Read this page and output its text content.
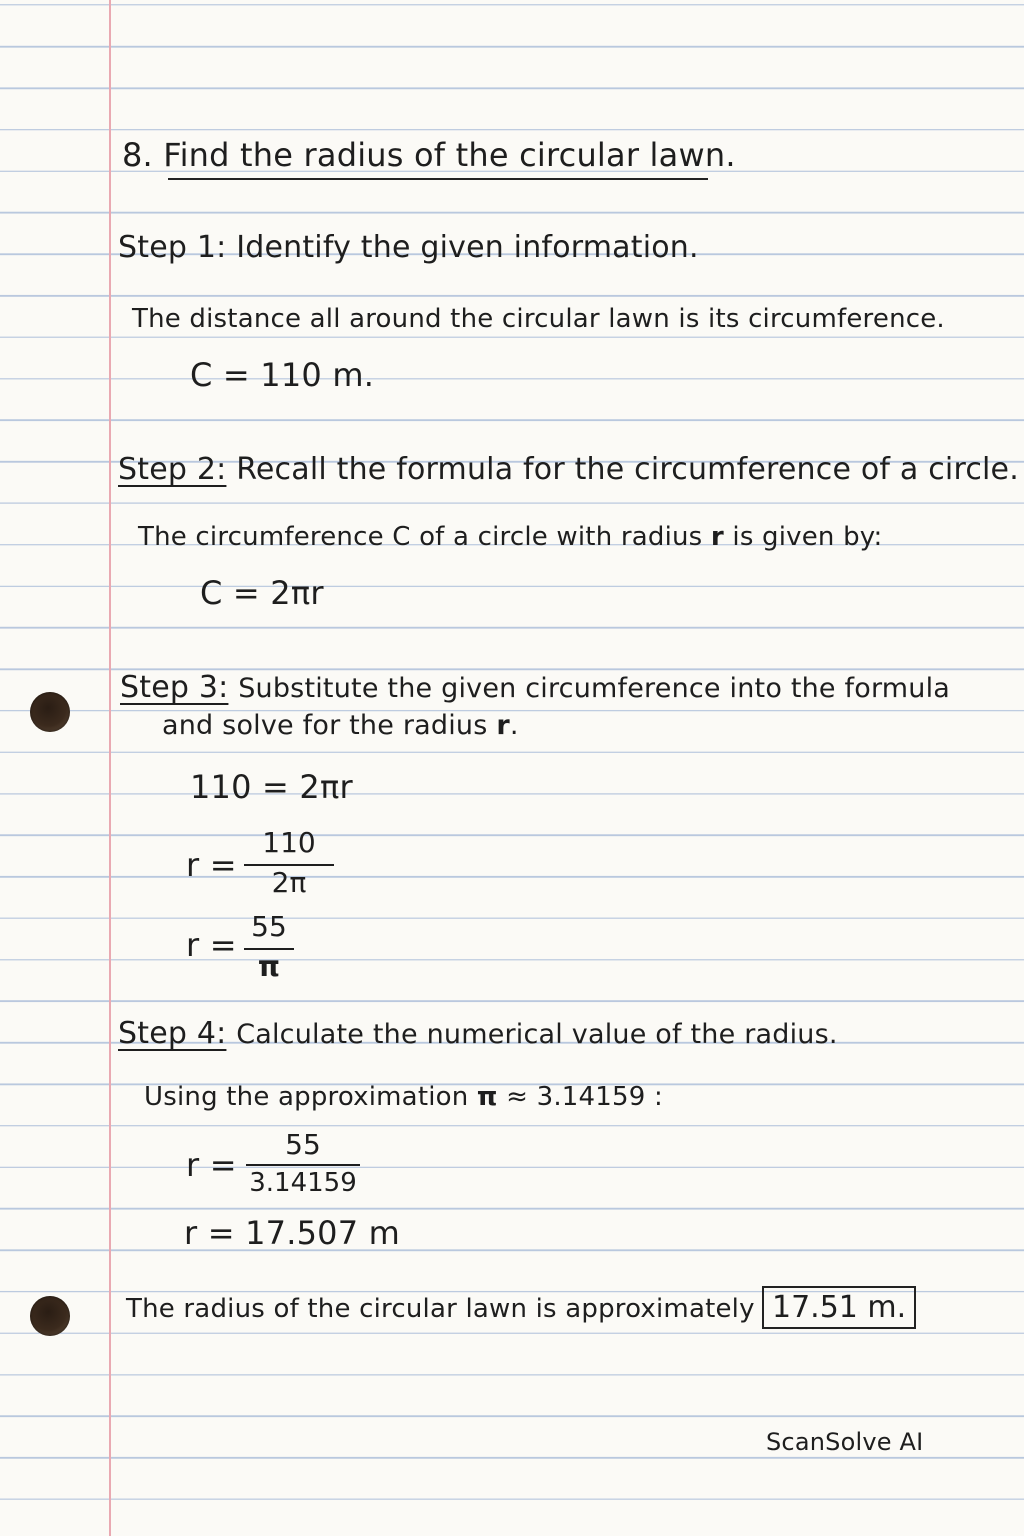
8. Find the radius of the circular lawn.
Step 1: Identify the given information.
The distance all around the circular lawn is its circumference.
C = 110 m.
Step 2: Recall the formula for the circumference of a circle.
The circumference C of a circle with radius r is given by:
C = 2πr
Step 3: Substitute the given circumference into the formula
and solve for the radius r.
110 = 2πr
r =
110
2π
r = 55
π
Step 4: Calculate the numerical value of the radius.
Using the approximation π ≈ 3.14159 :
r =
55
3.14159
r = 17.507 m
The radius of the circular lawn is approximately 17.51 m.
ScanSolve AI
